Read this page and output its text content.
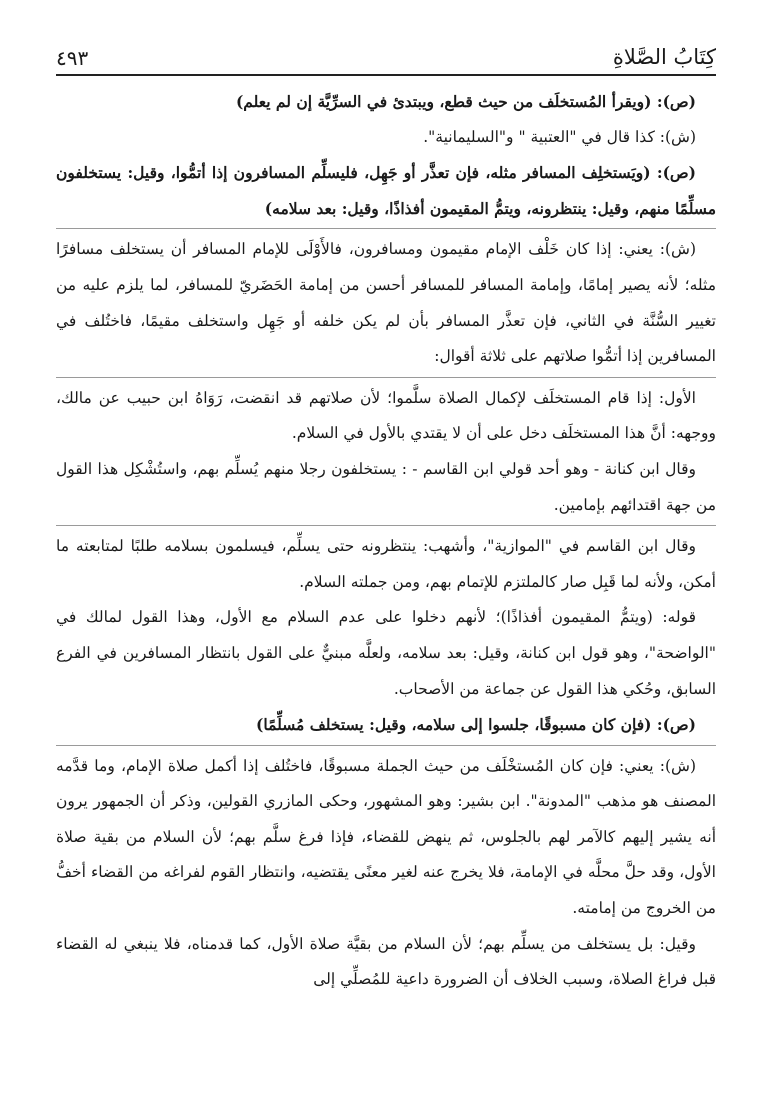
كِتَابُ الصَّلاةِ
٤٩٣

(ص): (ويقرأ المُستخلَف من حيث قطع، ويبتدئ في السرِّيَّة إن لم يعلم)

(ش): كذا قال في "العتبية " و"السليمانية".

(ص): (ويَستخلِف المسافر مثله، فإن تعذَّر أو جَهِل، فليسلِّم المسافرون إذا أتمُّوا، وقيل: يستخلفون مسلِّمًا منهم، وقيل: ينتظرونه، ويتمُّ المقيمون أفذاذًا، وقيل: بعد سلامه)

(ش): يعني: إذا كان خَلْف الإمام مقيمون ومسافرون، فالأَوْلَى للإمام المسافر أن يستخلف مسافرًا مثله؛ لأنه يصير إمامًا، وإمامة المسافر للمسافر أحسن من إمامة الحَضَريّ للمسافر، لما يلزم عليه من تغيير السُّنَّة في الثاني، فإن تعذَّر المسافر بأن لم يكن خلفه أو جَهِل واستخلف مقيمًا، فاختُلف في المسافرين إذا أتمُّوا صلاتهم على ثلاثة أقوال:

الأول: إذا قام المستخلَف لإكمال الصلاة سلَّموا؛ لأن صلاتهم قد انقضت، رَوَاهُ ابن حبيب عن مالك، ووجهه: أنَّ هذا المستخلَف دخل على أن لا يقتدي بالأول في السلام.

وقال ابن كنانة - وهو أحد قولي ابن القاسم - : يستخلفون رجلا منهم يُسلِّم بهم، واستُشْكِل هذا القول من جهة اقتدائهم بإمامين.

وقال ابن القاسم في "الموازية"، وأشهب: ينتظرونه حتى يسلِّم، فيسلمون بسلامه طلبًا لمتابعته ما أمكن، ولأنه لما قَبِل صار كالملتزم للإتمام بهم، ومن جملته السلام.

قوله: (ويتمُّ المقيمون أفذاذًا)؛ لأنهم دخلوا على عدم السلام مع الأول، وهذا القول لمالك في "الواضحة"، وهو قول ابن كنانة، وقيل: بعد سلامه، ولعلَّه مبنيٌّ على القول بانتظار المسافرين في الفرع السابق، وحُكي هذا القول عن جماعة من الأصحاب.

(ص): (فإن كان مسبوقًا، جلسوا إلى سلامه، وقيل: يستخلف مُسلِّمًا)

(ش): يعني: فإن كان المُستخْلَف من حيث الجملة مسبوقًا، فاختُلف إذا أكمل صلاة الإمام، وما قدَّمه المصنف هو مذهب "المدونة". ابن بشير: وهو المشهور، وحكى المازري القولين، وذكر أن الجمهور يرون أنه يشير إليهم كالآمر لهم بالجلوس، ثم ينهض للقضاء، فإذا فرغ سلَّم بهم؛ لأن السلام من بقية صلاة الأول، وقد حلَّ محلَّه في الإمامة، فلا يخرج عنه لغير معنًى يقتضيه، وانتظار القوم لفراغه من القضاء أخفُّ من الخروج من إمامته.

وقيل: بل يستخلف من يسلِّم بهم؛ لأن السلام من بقيَّة صلاة الأول، كما قدمناه، فلا ينبغي له القضاء قبل فراغ الصلاة، وسبب الخلاف أن الضرورة داعية للمُصلِّي إلى
